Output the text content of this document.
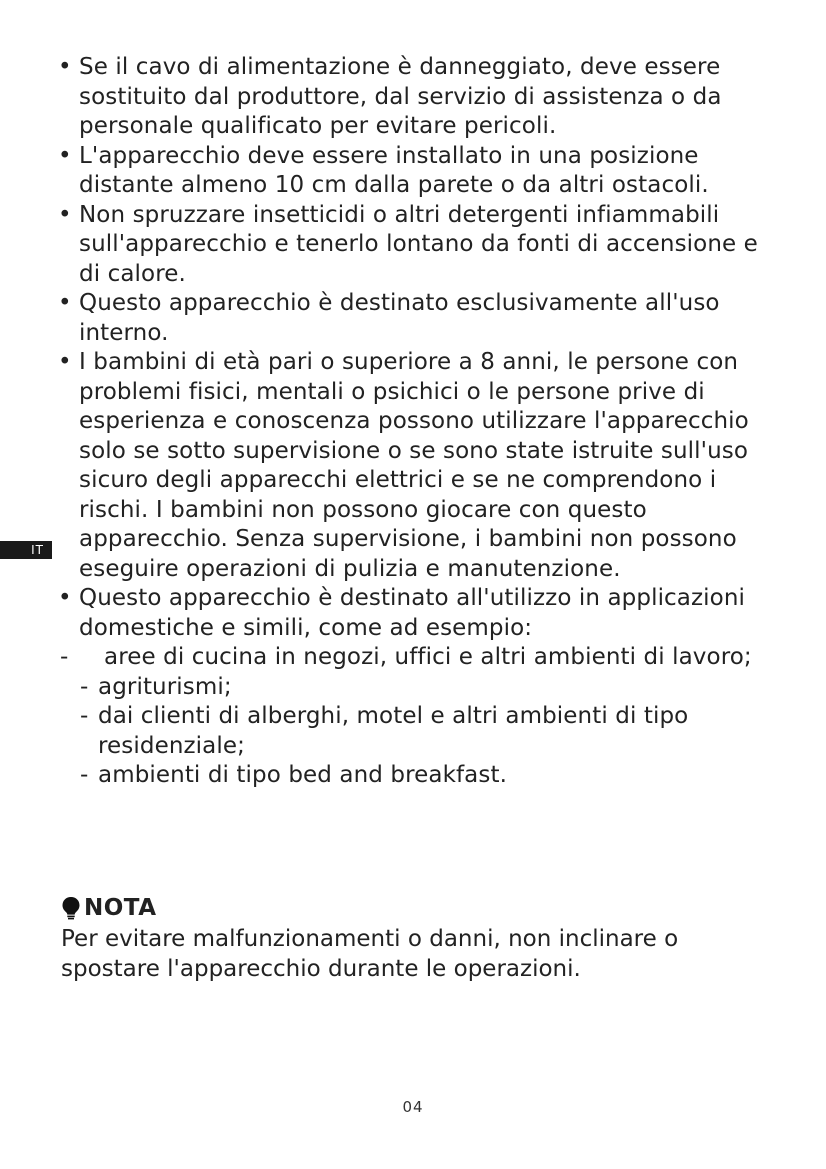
IT
• Se il cavo di alimentazione è danneggiato, deve essere sostituito dal produttore, dal servizio di assistenza o da personale qualificato per evitare pericoli.
• L'apparecchio deve essere installato in una posizione distante almeno 10 cm dalla parete o da altri ostacoli.
• Non spruzzare insetticidi o altri detergenti infiammabili sull'apparecchio e tenerlo lontano da fonti di accensione e di calore.
• Questo apparecchio è destinato esclusivamente all'uso interno.
• I bambini di età pari o superiore a 8 anni, le persone con problemi fisici, mentali o psichici o le persone prive di esperienza e conoscenza possono utilizzare l'apparecchio solo se sotto supervisione o se sono state istruite sull'uso sicuro degli apparecchi elettrici e se ne comprendono i rischi. I bambini non possono giocare con questo apparecchio. Senza supervisione, i bambini non possono eseguire operazioni di pulizia e manutenzione.
• Questo apparecchio è destinato all'utilizzo in applicazioni domestiche e simili, come ad esempio:
- aree di cucina in negozi, uffici e altri ambienti di lavoro;
- agriturismi;
- dai clienti di alberghi, motel e altri ambienti di tipo residenziale;
- ambienti di tipo bed and breakfast.
NOTA
Per evitare malfunzionamenti o danni, non inclinare o spostare l'apparecchio durante le operazioni.
04
